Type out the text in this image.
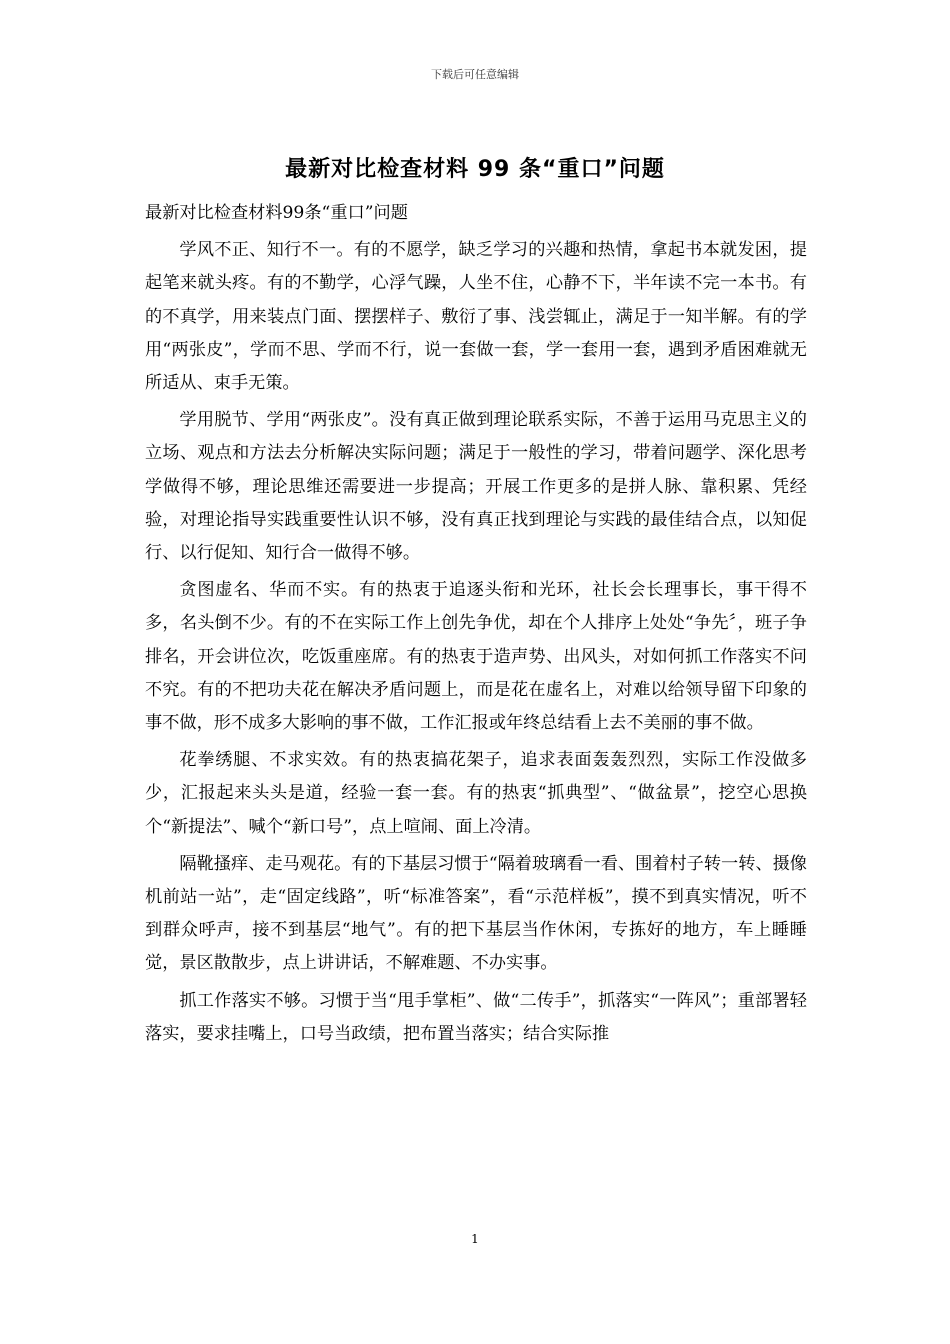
下载后可任意编辑
最新对比检查材料 99 条“重口”问题

最新对比检查材料99条“重口”问题

学风不正、知行不一。有的不愿学，缺乏学习的兴趣和热情，拿起书本就发困，提起笔来就头疼。有的不勤学，心浮气躁，人坐不住，心静不下，半年读不完一本书。有的不真学，用来装点门面、摆摆样子、敷衍了事、浅尝辄止，满足于一知半解。有的学用“两张皮”，学而不思、学而不行，说一套做一套，学一套用一套，遇到矛盾困难就无所适从、束手无策。

学用脱节、学用“两张皮”。没有真正做到理论联系实际，不善于运用马克思主义的立场、观点和方法去分析解决实际问题；满足于一般性的学习，带着问题学、深化思考学做得不够，理论思维还需要进一步提高；开展工作更多的是拼人脉、靠积累、凭经验，对理论指导实践重要性认识不够，没有真正找到理论与实践的最佳结合点，以知促行、以行促知、知行合一做得不够。

贪图虚名、华而不实。有的热衷于追逐头衔和光环，社长会长理事长，事干得不多，名头倒不少。有的不在实际工作上创先争优，却在个人排序上处处“争先〞，班子争排名，开会讲位次，吃饭重座席。有的热衷于造声势、出风头，对如何抓工作落实不问不究。有的不把功夫花在解决矛盾问题上，而是花在虚名上，对难以给领导留下印象的事不做，形不成多大影响的事不做，工作汇报或年终总结看上去不美丽的事不做。

花拳绣腿、不求实效。有的热衷搞花架子，追求表面轰轰烈烈，实际工作没做多少，汇报起来头头是道，经验一套一套。有的热衷“抓典型”、“做盆景”，挖空心思换个“新提法”、喊个“新口号”，点上喧闹、面上冷清。

隔靴搔痒、走马观花。有的下基层习惯于“隔着玻璃看一看、围着村子转一转、摄像机前站一站”，走“固定线路”，听“标准答案”，看“示范样板”，摸不到真实情况，听不到群众呼声，接不到基层“地气”。有的把下基层当作休闲，专拣好的地方，车上睡睡觉，景区散散步，点上讲讲话，不解难题、不办实事。

抓工作落实不够。习惯于当“甩手掌柜”、做“二传手”，抓落实“一阵风”；重部署轻落实，要求挂嘴上，口号当政绩，把布置当落实；结合实际推

1
